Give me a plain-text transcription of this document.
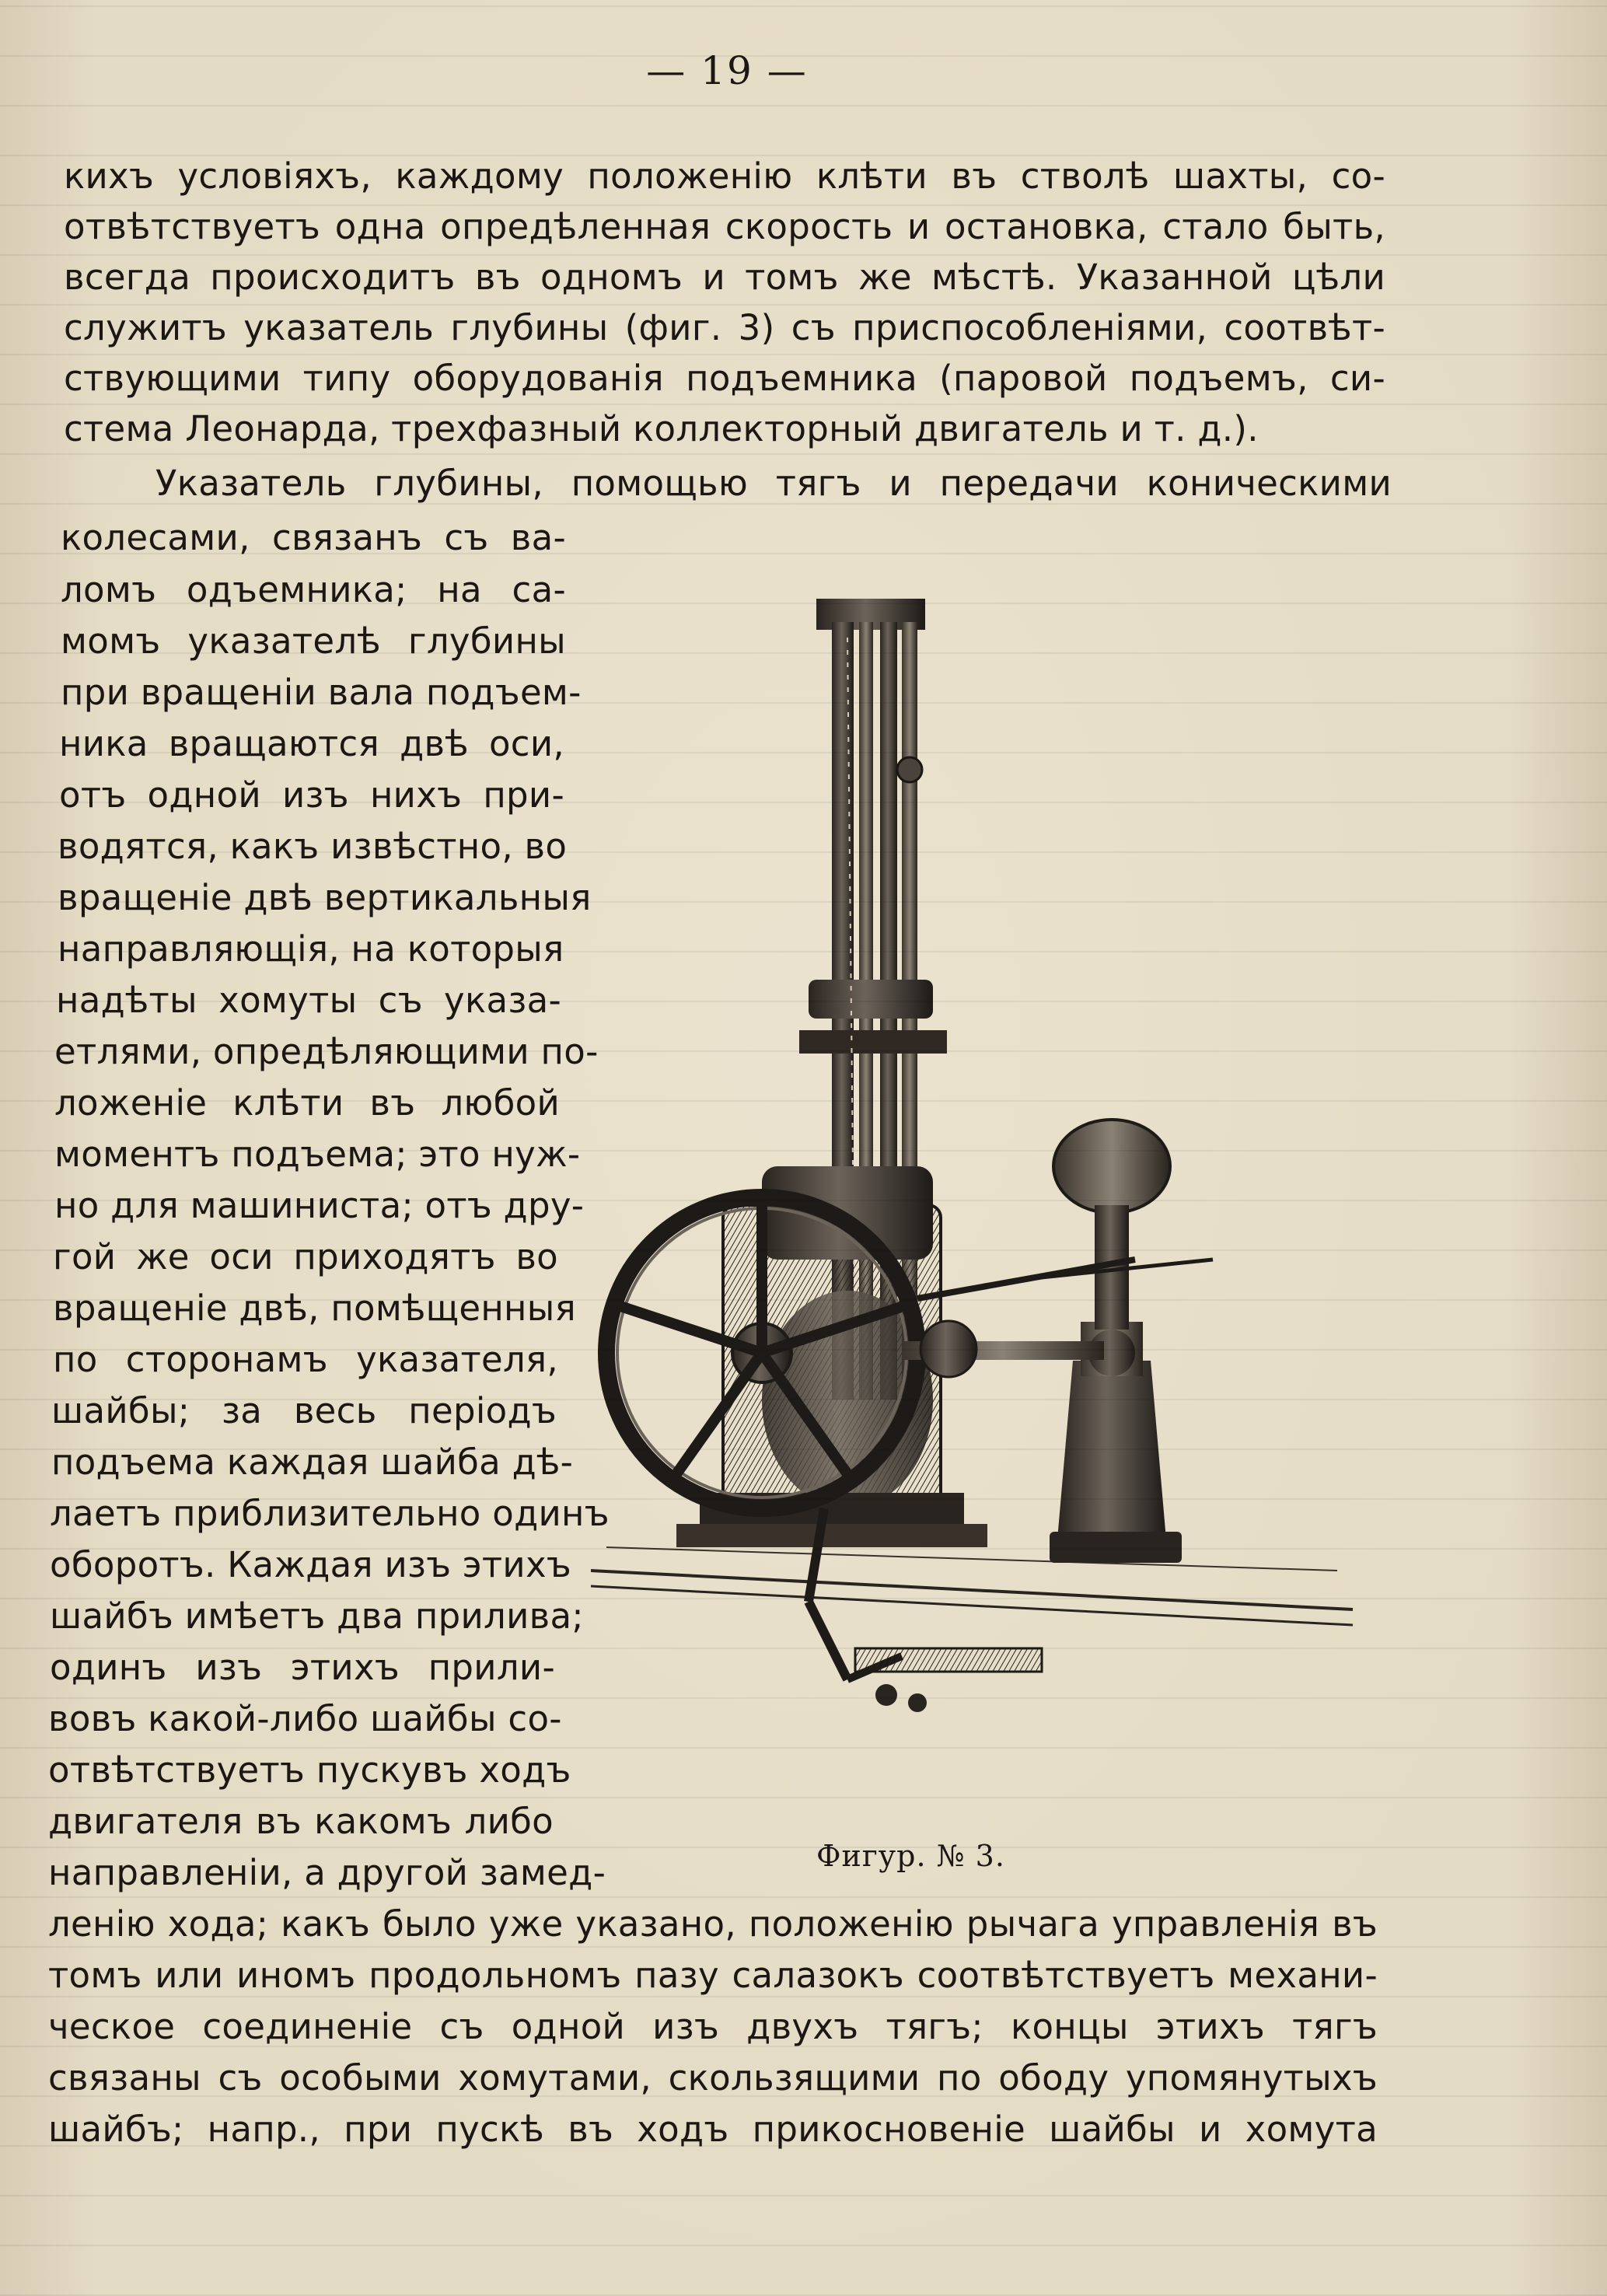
— 19 —
кихъ условіяхъ, каждому положенію клѣти въ стволѣ шахты, со-
отвѣтствуетъ одна опредѣленная скорость и остановка, стало быть,
всегда происходитъ въ одномъ и томъ же мѣстѣ. Указанной цѣли
служитъ указатель глубины (фиг. 3) съ приспособленіями, соотвѣт-
ствующими типу оборудованія подъемника (паровой подъемъ, си-
стема Леонарда, трехфазный коллекторный двигатель и т. д.).
Указатель глубины, помощью тягъ и передачи коническими
колесами, связанъ съ ва-
ломъ одъемника; на са-
момъ указателѣ глубины
при вращеніи вала подъем-
ника вращаются двѣ оси,
отъ одной изъ нихъ при-
водятся, какъ извѣстно, во
вращеніе двѣ вертикальныя
направляющія, на которыя
надѣты хомуты съ указа-
етлями, опредѣляющими по-
ложеніе клѣти въ любой
моментъ подъема; это нуж-
но для машиниста; отъ дру-
гой же оси приходятъ во
вращеніе двѣ, помѣщенныя
по сторонамъ указателя,
шайбы; за весь періодъ
подъема каждая шайба дѣ-
лаетъ приблизительно одинъ
оборотъ. Каждая изъ этихъ
шайбъ имѣетъ два прилива;
одинъ изъ этихъ прили-
вовъ какой-либо шайбы со-
отвѣтствуетъ пускувъ ходъ
двигателя въ какомъ либо
направленіи, а другой замед-
ленію хода; какъ было уже указано, положенію рычага управленія въ
томъ или иномъ продольномъ пазу салазокъ соотвѣтствуетъ механи-
ческое соединеніе съ одной изъ двухъ тягъ; концы этихъ тягъ
связаны съ особыми хомутами, скользящими по ободу упомянутыхъ
шайбъ; напр., при пускѣ въ ходъ прикосновеніе шайбы и хомута
Фигур. № 3.
